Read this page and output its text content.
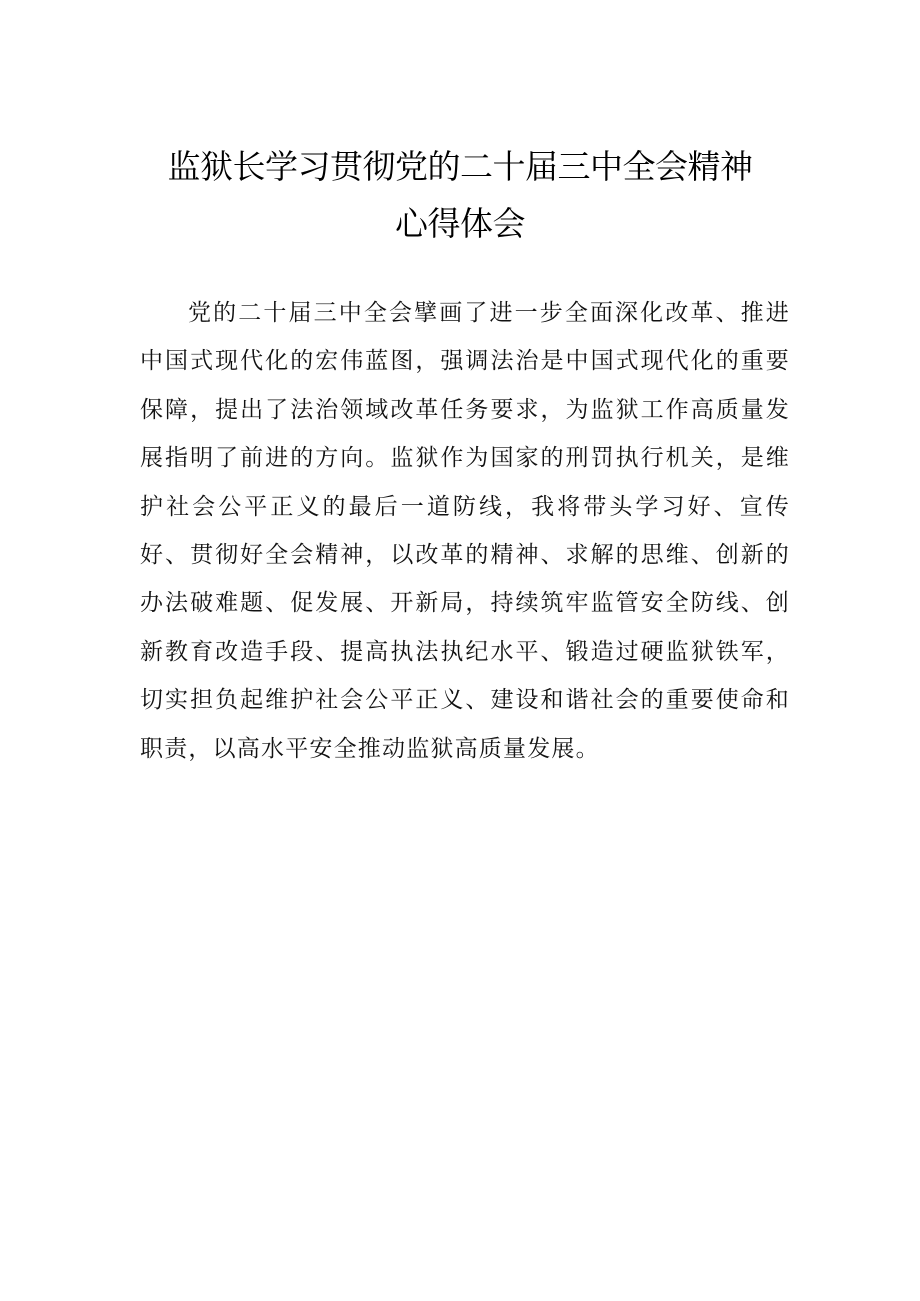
监狱长学习贯彻党的二十届三中全会精神
心得体会

党的二十届三中全会擘画了进一步全面深化改革、推进中国式现代化的宏伟蓝图，强调法治是中国式现代化的重要保障，提出了法治领域改革任务要求，为监狱工作高质量发展指明了前进的方向。监狱作为国家的刑罚执行机关，是维护社会公平正义的最后一道防线，我将带头学习好、宣传好、贯彻好全会精神，以改革的精神、求解的思维、创新的办法破难题、促发展、开新局，持续筑牢监管安全防线、创新教育改造手段、提高执法执纪水平、锻造过硬监狱铁军，切实担负起维护社会公平正义、建设和谐社会的重要使命和职责，以高水平安全推动监狱高质量发展。
